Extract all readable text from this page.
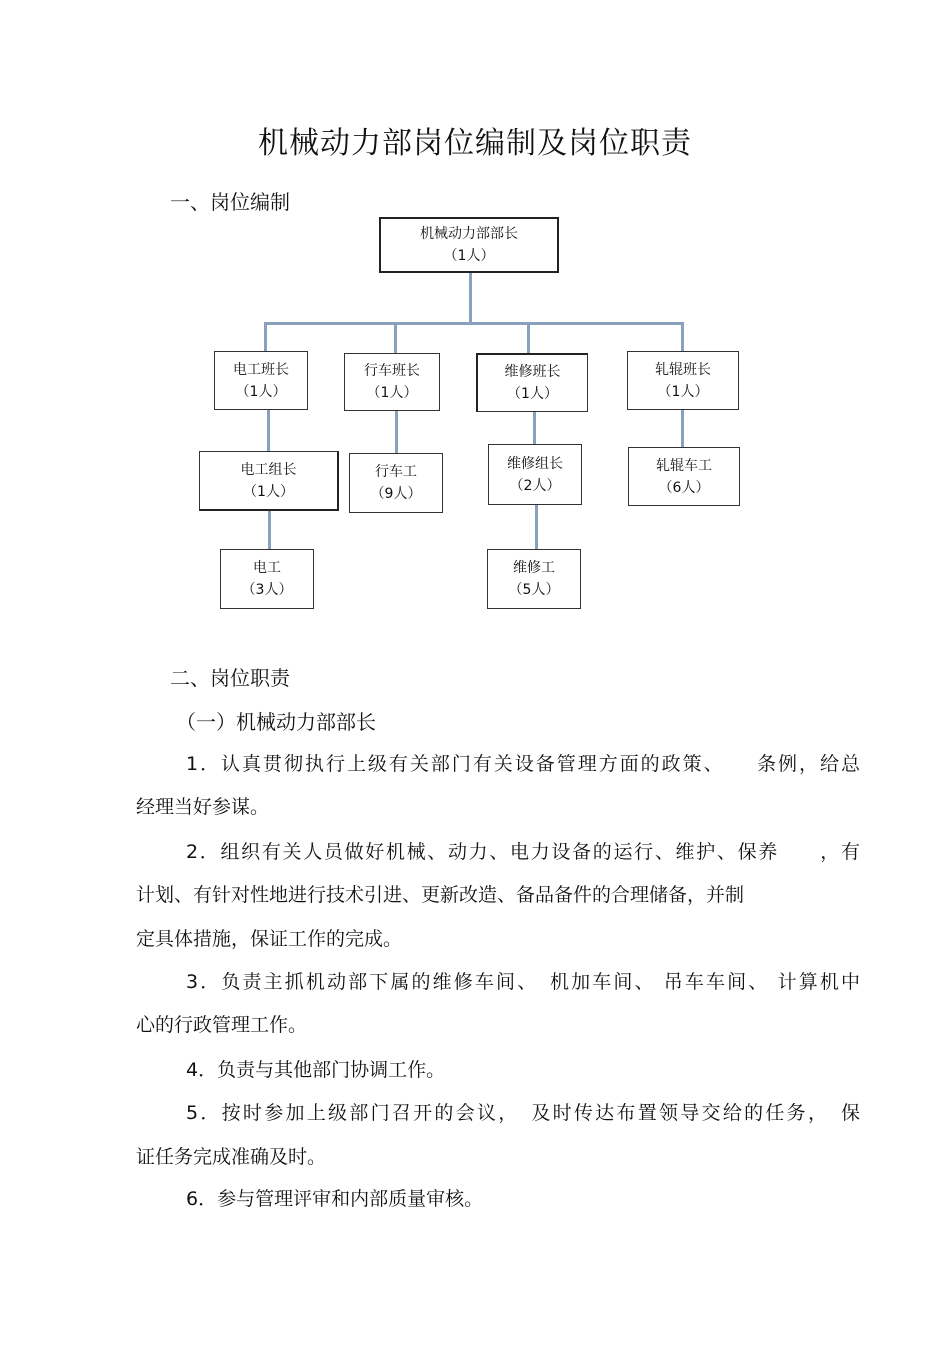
机械动力部岗位编制及岗位职责
一、岗位编制
机械动力部部长
（1人）
电工班长
（1人）
行车班长
（1人）
维修班长
（1人）
轧辊班长
（1人）
电工组长
（1人）
行车工
（9人）
维修组长
（2人）
轧辊车工
（6人）
电工
（3人）
维修工
（5人）
二、岗位职责
（一）机械动力部部长
1．认真贯彻执行上级有关部门有关设备管理方面的政策、　　条例，给总
经理当好参谋。
2．组织有关人员做好机械、动力、电力设备的运行、维护、保养　　，有
计划、有针对性地进行技术引进、更新改造、备品备件的合理储备，并制
定具体措施，保证工作的完成。
3．负责主抓机动部下属的维修车间、　机加车间、 吊车车间、 计算机中
心的行政管理工作。
4．负责与其他部门协调工作。
5．按时参加上级部门召开的会议，　及时传达布置领导交给的任务，　保
证任务完成准确及时。
6．参与管理评审和内部质量审核。
